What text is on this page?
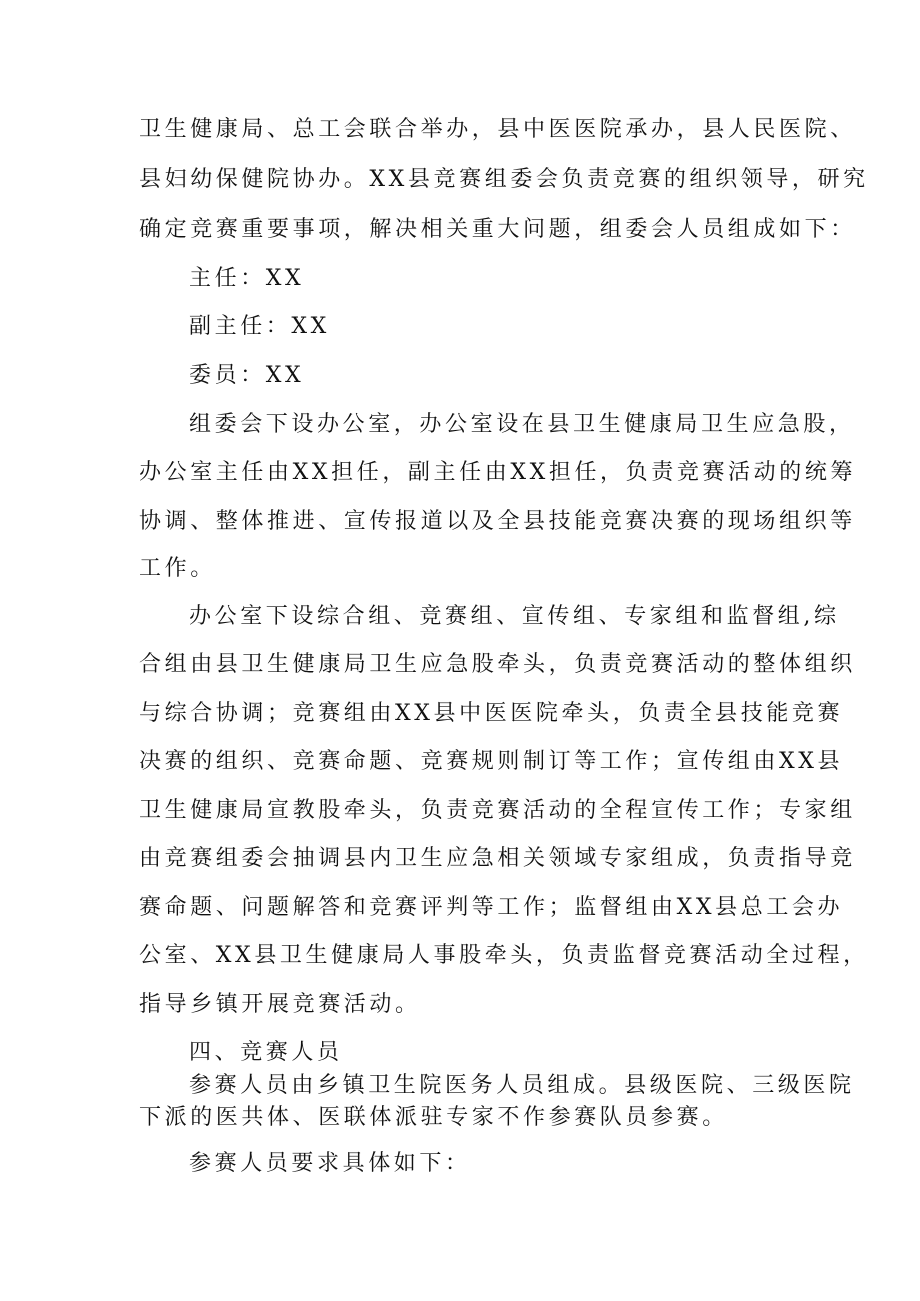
卫生健康局、总工会联合举办，县中医医院承办，县人民医院、
县妇幼保健院协办。XX县竞赛组委会负责竞赛的组织领导，研究
确定竞赛重要事项，解决相关重大问题，组委会人员组成如下：
主任：XX
副主任：XX
委员：XX
组委会下设办公室，办公室设在县卫生健康局卫生应急股，
办公室主任由XX担任，副主任由XX担任，负责竞赛活动的统筹
协调、整体推进、宣传报道以及全县技能竞赛决赛的现场组织等
工作。
办公室下设综合组、竞赛组、宣传组、专家组和监督组,综
合组由县卫生健康局卫生应急股牵头，负责竞赛活动的整体组织
与综合协调；竞赛组由XX县中医医院牵头，负责全县技能竞赛
决赛的组织、竞赛命题、竞赛规则制订等工作；宣传组由XX县
卫生健康局宣教股牵头，负责竞赛活动的全程宣传工作；专家组
由竞赛组委会抽调县内卫生应急相关领域专家组成，负责指导竞
赛命题、问题解答和竞赛评判等工作；监督组由XX县总工会办
公室、XX县卫生健康局人事股牵头，负责监督竞赛活动全过程，
指导乡镇开展竞赛活动。
四、竞赛人员
参赛人员由乡镇卫生院医务人员组成。县级医院、三级医院
下派的医共体、医联体派驻专家不作参赛队员参赛。
参赛人员要求具体如下：
